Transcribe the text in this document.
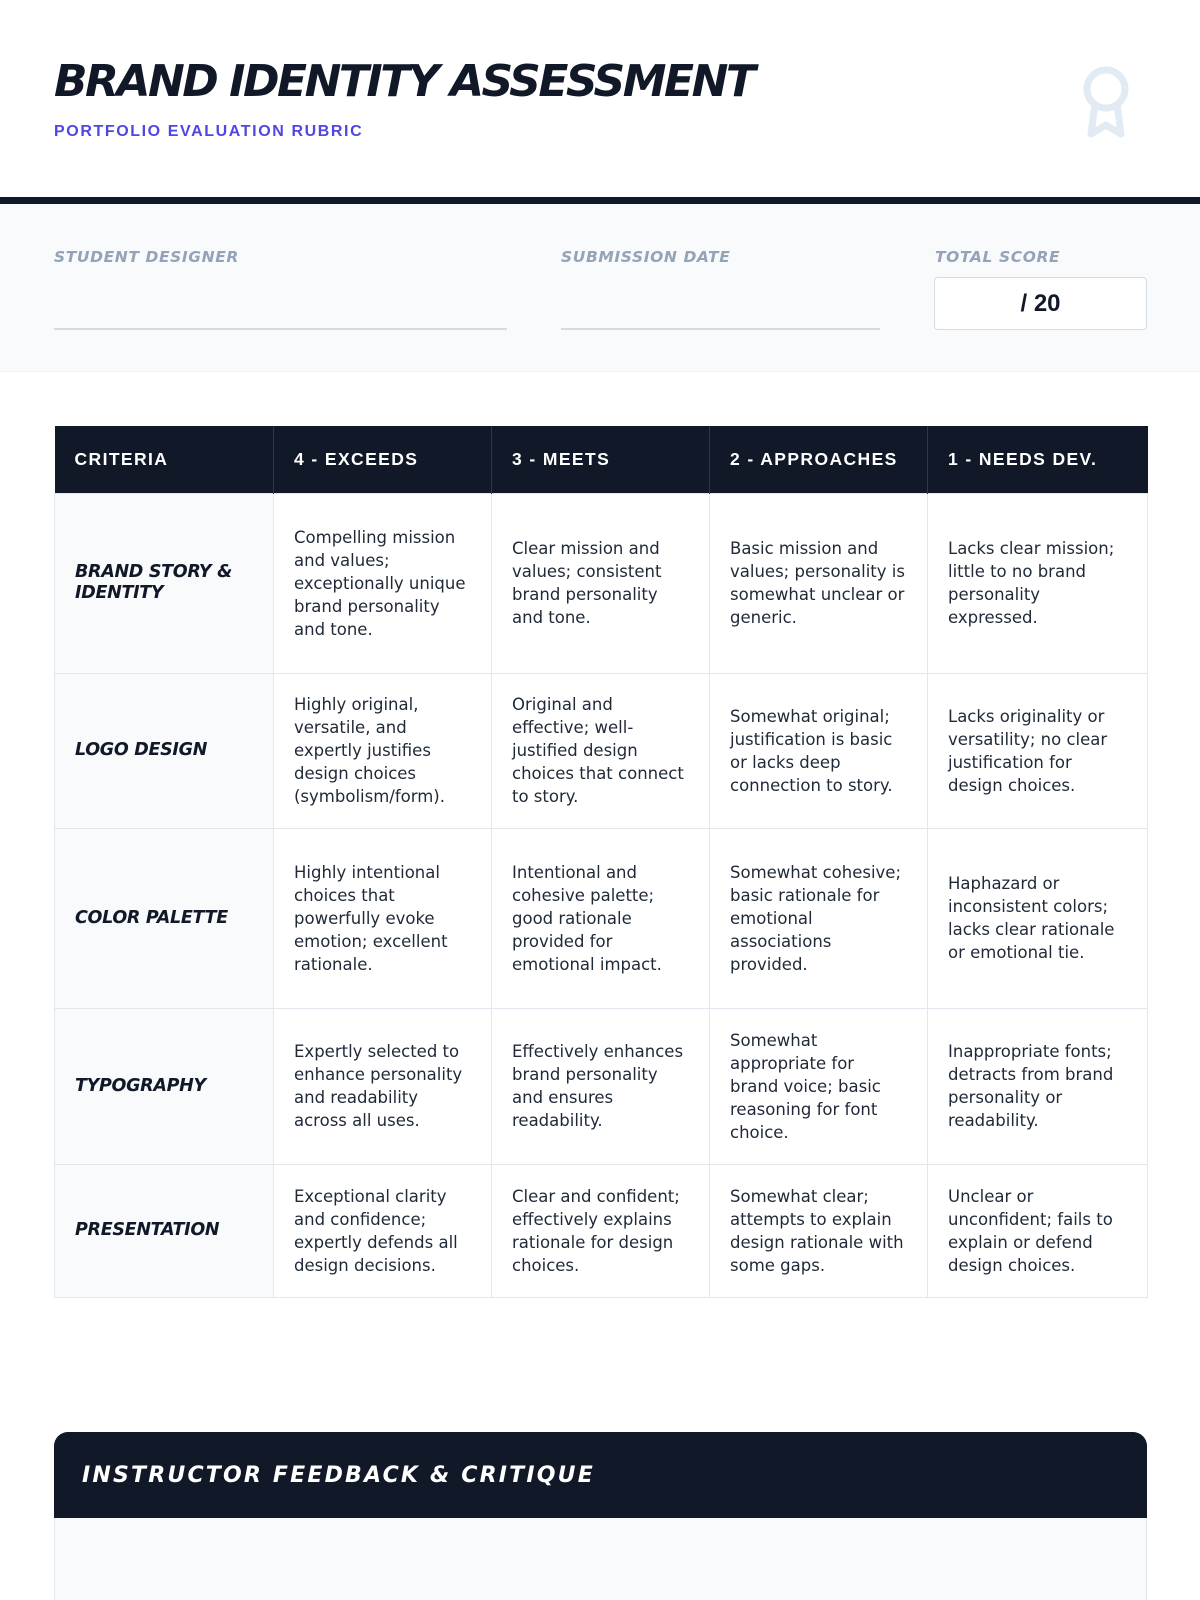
BRAND IDENTITY ASSESSMENT
PORTFOLIO EVALUATION RUBRIC
STUDENT DESIGNER	SUBMISSION DATE	TOTAL SCORE
/ 20
CRITERIA	4 - EXCEEDS	3 - MEETS	2 - APPROACHES	1 - NEEDS DEV.
BRAND STORY & IDENTITY	Compelling mission and values; exceptionally unique brand personality and tone.	Clear mission and values; consistent brand personality and tone.	Basic mission and values; personality is somewhat unclear or generic.	Lacks clear mission; little to no brand personality expressed.
LOGO DESIGN	Highly original, versatile, and expertly justifies design choices (symbolism/form).	Original and effective; well-justified design choices that connect to story.	Somewhat original; justification is basic or lacks deep connection to story.	Lacks originality or versatility; no clear justification for design choices.
COLOR PALETTE	Highly intentional choices that powerfully evoke emotion; excellent rationale.	Intentional and cohesive palette; good rationale provided for emotional impact.	Somewhat cohesive; basic rationale for emotional associations provided.	Haphazard or inconsistent colors; lacks clear rationale or emotional tie.
TYPOGRAPHY	Expertly selected to enhance personality and readability across all uses.	Effectively enhances brand personality and ensures readability.	Somewhat appropriate for brand voice; basic reasoning for font choice.	Inappropriate fonts; detracts from brand personality or readability.
PRESENTATION	Exceptional clarity and confidence; expertly defends all design decisions.	Clear and confident; effectively explains rationale for design choices.	Somewhat clear; attempts to explain design rationale with some gaps.	Unclear or unconfident; fails to explain or defend design choices.
INSTRUCTOR FEEDBACK & CRITIQUE
